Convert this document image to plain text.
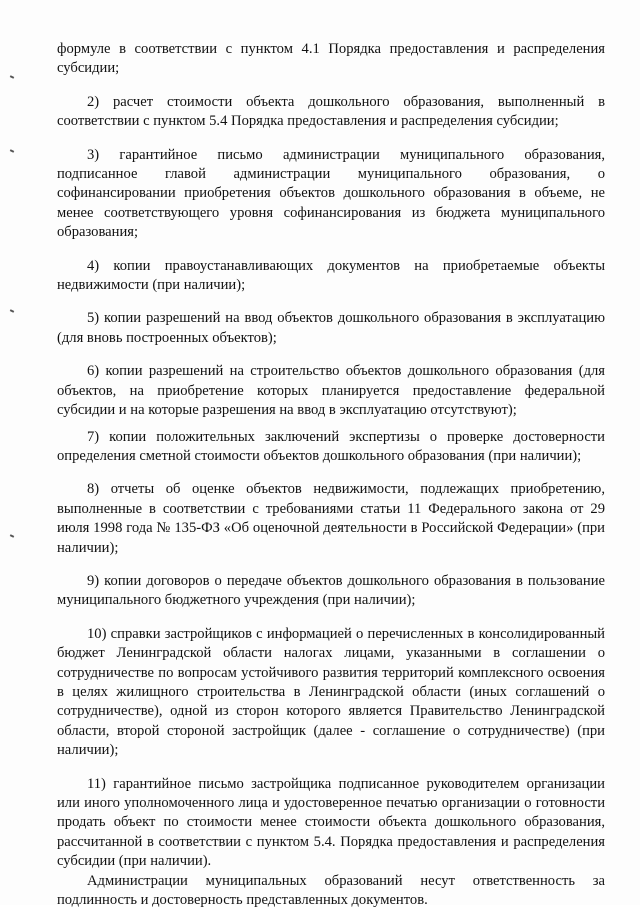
формуле в соответствии с пунктом 4.1 Порядка предоставления и распределения субсидии;

2) расчет стоимости объекта дошкольного образования, выполненный в соответствии с пунктом 5.4 Порядка предоставления и распределения субсидии;

3) гарантийное письмо администрации муниципального образования, подписанное главой администрации муниципального образования, о софинансировании приобретения объектов дошкольного образования в объеме, не менее соответствующего уровня софинансирования из бюджета муниципального образования;

4) копии правоустанавливающих документов на приобретаемые объекты недвижимости (при наличии);

5) копии разрешений на ввод объектов дошкольного образования в эксплуатацию (для вновь построенных объектов);

6) копии разрешений на строительство объектов дошкольного образования (для объектов, на приобретение которых планируется предоставление федеральной субсидии и на которые разрешения на ввод в эксплуатацию отсутствуют);

7) копии положительных заключений экспертизы о проверке достоверности определения сметной стоимости объектов дошкольного образования (при наличии);

8) отчеты об оценке объектов недвижимости, подлежащих приобретению, выполненные в соответствии с требованиями статьи 11 Федерального закона от 29 июля 1998 года № 135-ФЗ «Об оценочной деятельности в Российской Федерации» (при наличии);

9) копии договоров о передаче объектов дошкольного образования в пользование муниципального бюджетного учреждения (при наличии);

10) справки застройщиков с информацией о перечисленных в консолидированный бюджет Ленинградской области налогах лицами, указанными в соглашении о сотрудничестве по вопросам устойчивого развития территорий комплексного освоения в целях жилищного строительства в Ленинградской области (иных соглашений о сотрудничестве), одной из сторон которого является Правительство Ленинградской области, второй стороной застройщик (далее - соглашение о сотрудничестве) (при наличии);

11) гарантийное письмо застройщика подписанное руководителем организации или иного уполномоченного лица и удостоверенное печатью организации о готовности продать объект по стоимости менее стоимости объекта дошкольного образования, рассчитанной в соответствии с пунктом 5.4. Порядка предоставления и распределения субсидии (при наличии).

Администрации муниципальных образований несут ответственность за подлинность и достоверность представленных документов.
